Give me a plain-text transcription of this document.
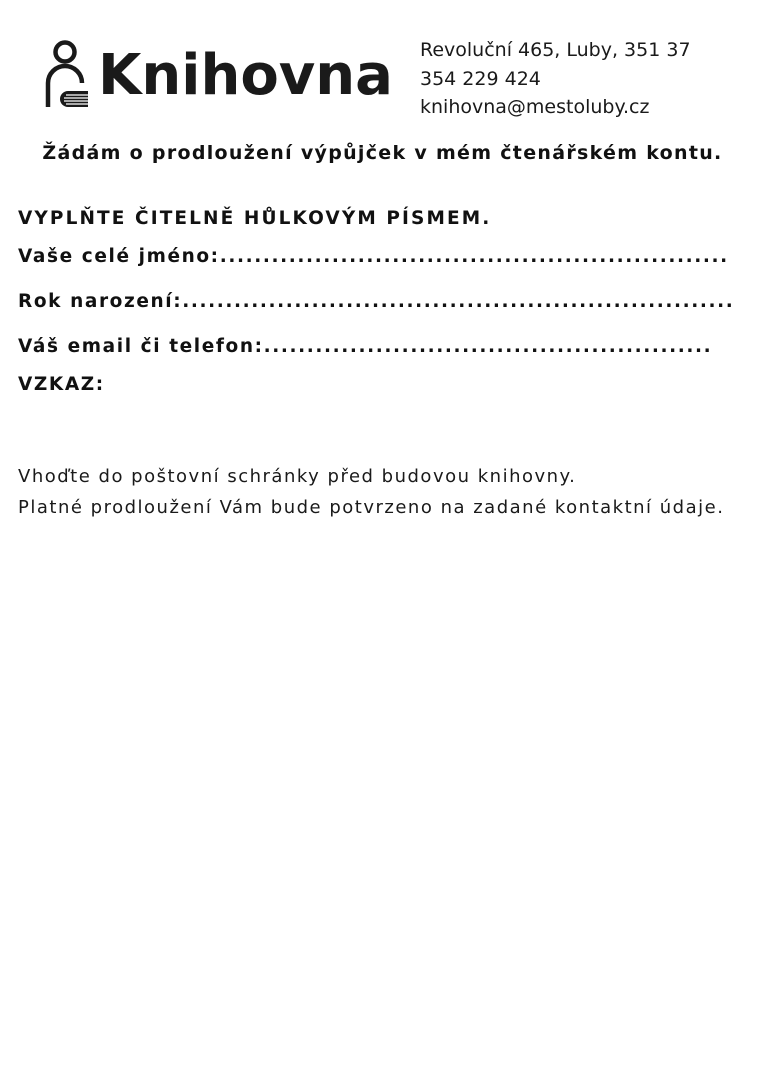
Knihovna Revoluční 465, Luby, 351 37
354 229 424
knihovna@mestoluby.cz
Žádám o prodloužení výpůjček v mém čtenářském kontu.
VYPLŇTE ČITELNĚ HŮLKOVÝM PÍSMEM.
Vaše celé jméno:...........................................................
Rok narození:................................................................
Váš email či telefon:....................................................
VZKAZ:
Vhoďte do poštovní schránky před budovou knihovny.
Platné prodloužení Vám bude potvrzeno na zadané kontaktní údaje.
